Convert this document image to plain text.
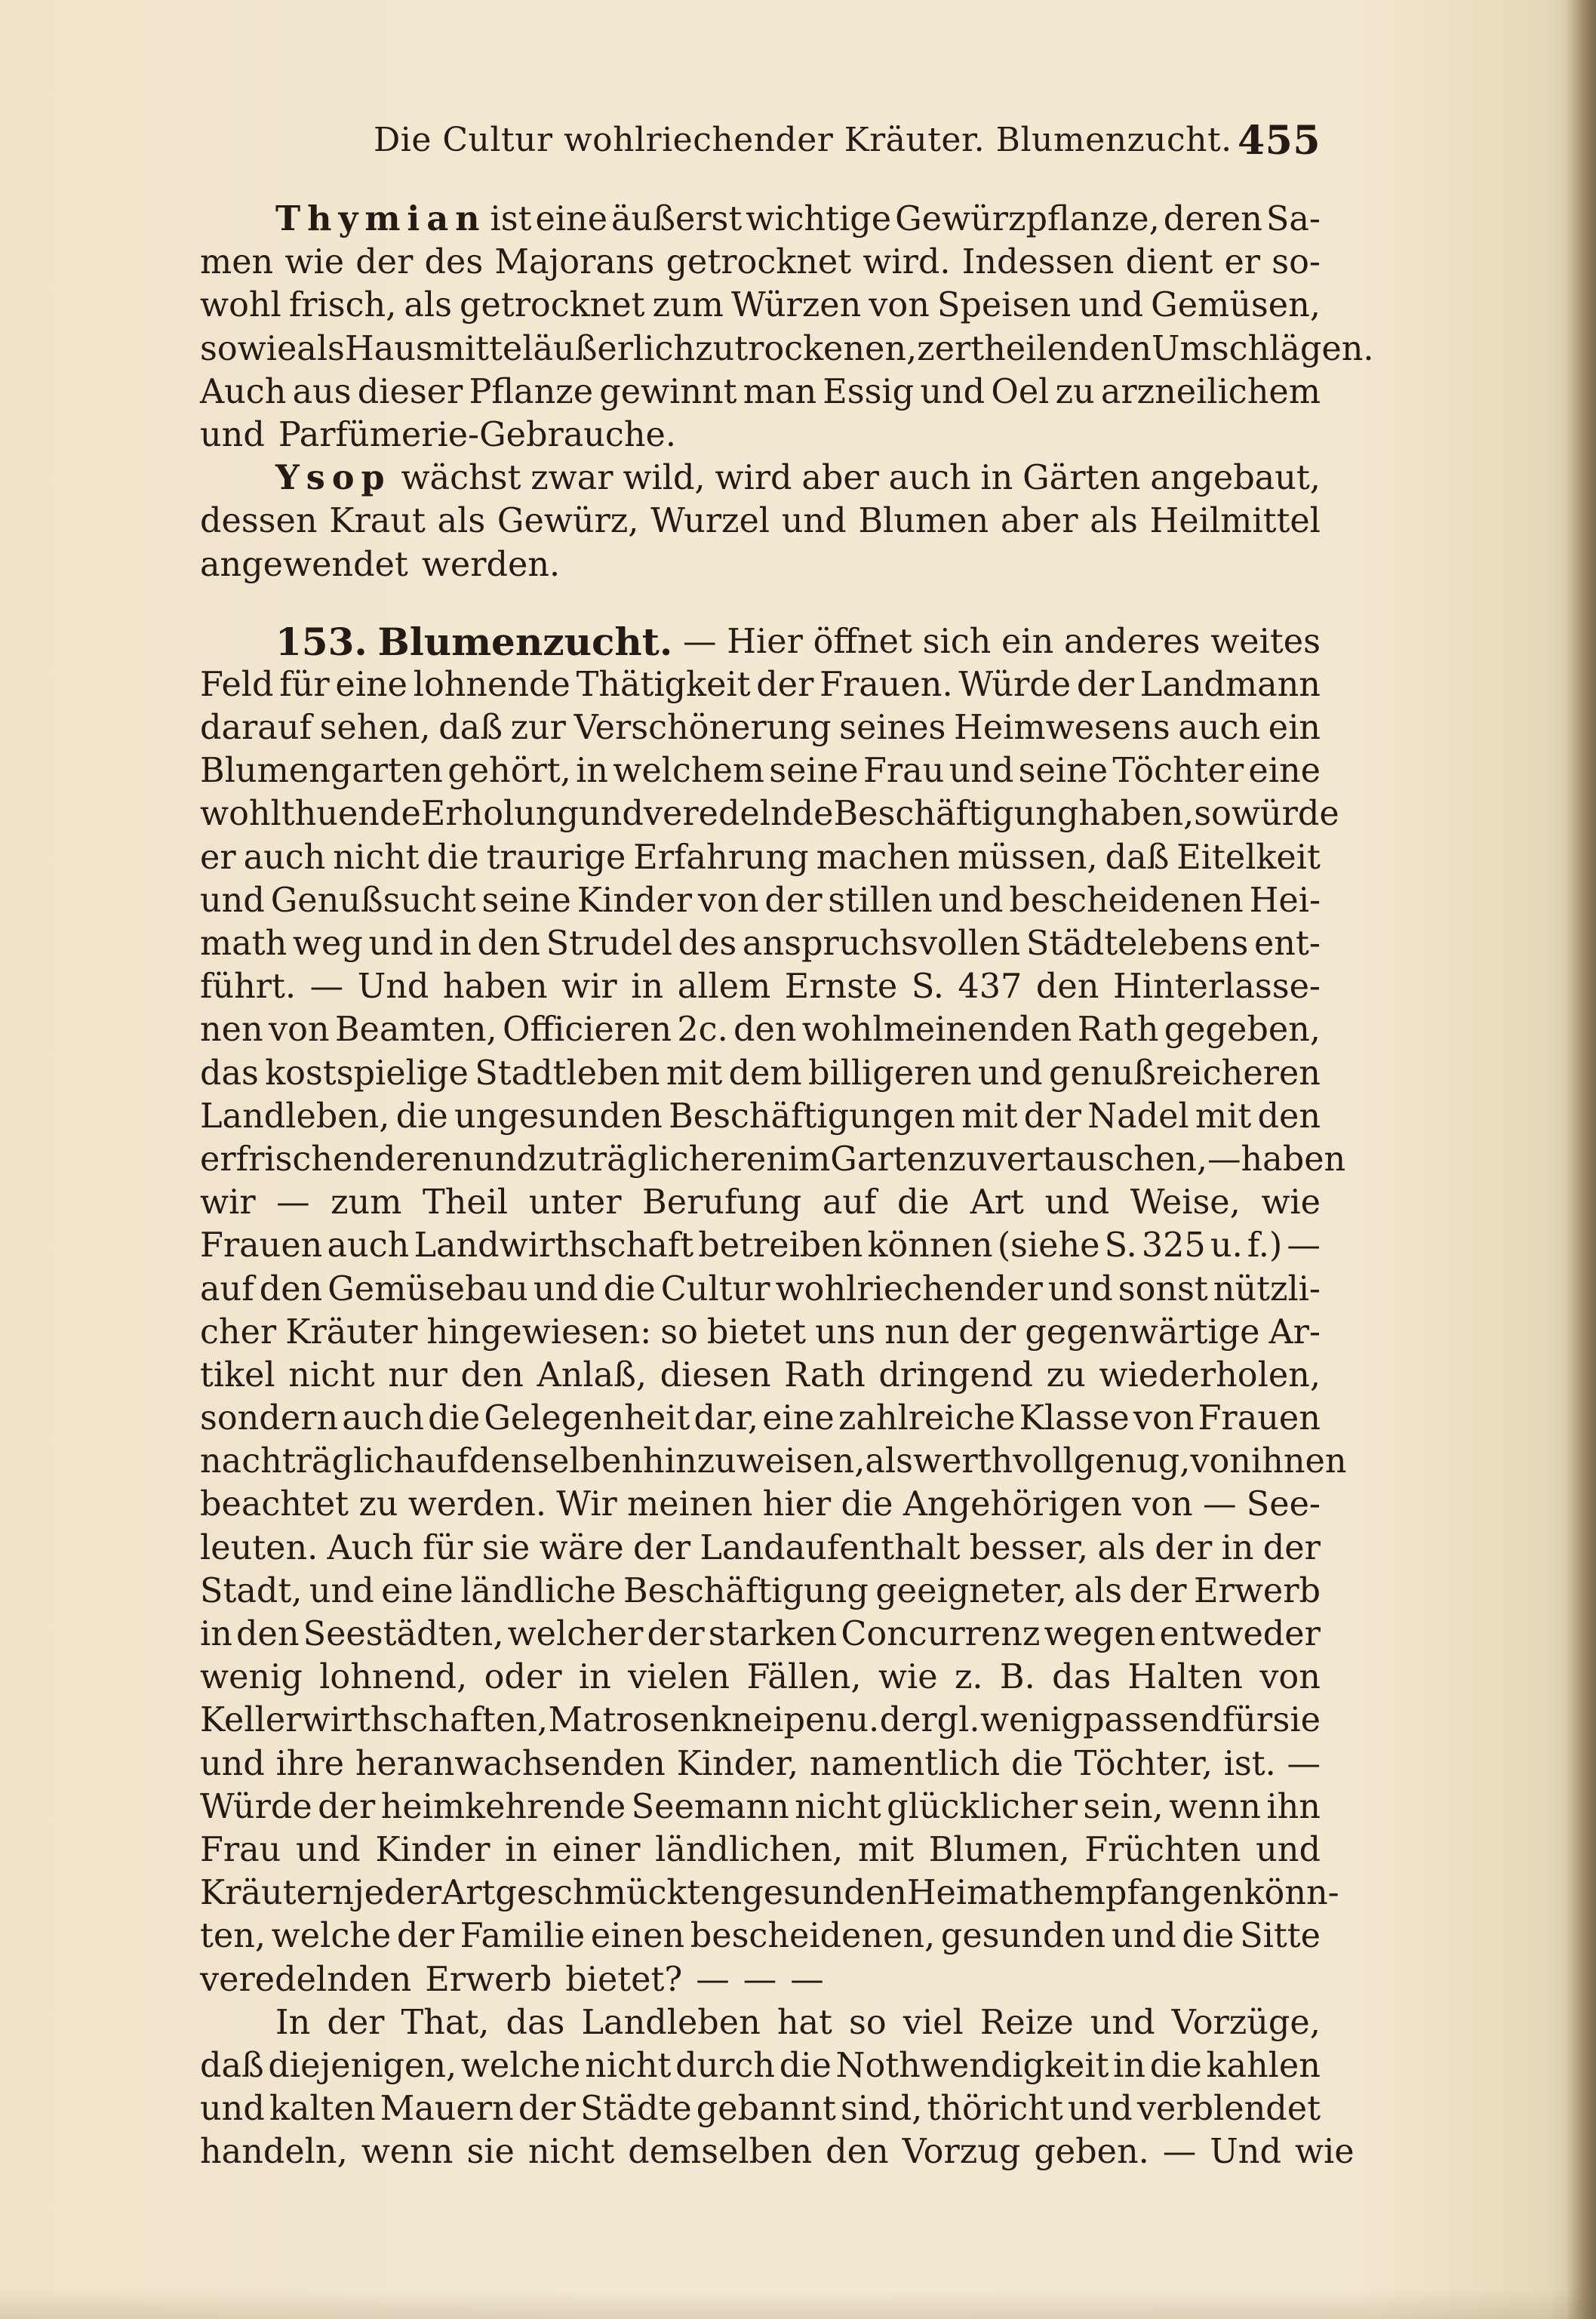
Die Cultur wohlriechender Kräuter. Blumenzucht. 455
Thymian ist eine äußerst wichtige Gewürzpflanze, deren Sa-
men wie der des Majorans getrocknet wird. Indessen dient er so-
wohl frisch, als getrocknet zum Würzen von Speisen und Gemüsen,
sowie als Hausmittel äußerlich zu trockenen, zertheilenden Umschlägen.
Auch aus dieser Pflanze gewinnt man Essig und Oel zu arzneilichem
und Parfümerie-Gebrauche.
Ysop wächst zwar wild, wird aber auch in Gärten angebaut,
dessen Kraut als Gewürz, Wurzel und Blumen aber als Heilmittel
angewendet werden.
153. Blumenzucht. — Hier öffnet sich ein anderes weites
Feld für eine lohnende Thätigkeit der Frauen. Würde der Landmann
darauf sehen, daß zur Verschönerung seines Heimwesens auch ein
Blumengarten gehört, in welchem seine Frau und seine Töchter eine
wohlthuende Erholung und veredelnde Beschäftigung haben, so würde
er auch nicht die traurige Erfahrung machen müssen, daß Eitelkeit
und Genußsucht seine Kinder von der stillen und bescheidenen Hei-
math weg und in den Strudel des anspruchsvollen Städtelebens ent-
führt. — Und haben wir in allem Ernste S. 437 den Hinterlasse-
nen von Beamten, Officieren 2c. den wohlmeinenden Rath gegeben,
das kostspielige Stadtleben mit dem billigeren und genußreicheren
Landleben, die ungesunden Beschäftigungen mit der Nadel mit den
erfrischenderen und zuträglicheren im Garten zu vertauschen, — haben
wir — zum Theil unter Berufung auf die Art und Weise, wie
Frauen auch Landwirthschaft betreiben können (siehe S. 325 u. f.) —
auf den Gemüsebau und die Cultur wohlriechender und sonst nützli-
cher Kräuter hingewiesen: so bietet uns nun der gegenwärtige Ar-
tikel nicht nur den Anlaß, diesen Rath dringend zu wiederholen,
sondern auch die Gelegenheit dar, eine zahlreiche Klasse von Frauen
nachträglich auf denselben hinzuweisen, als werthvoll genug, von ihnen
beachtet zu werden. Wir meinen hier die Angehörigen von — See-
leuten. Auch für sie wäre der Landaufenthalt besser, als der in der
Stadt, und eine ländliche Beschäftigung geeigneter, als der Erwerb
in den Seestädten, welcher der starken Concurrenz wegen entweder
wenig lohnend, oder in vielen Fällen, wie z. B. das Halten von
Kellerwirthschaften, Matrosenkneipen u. dergl. wenig passend für sie
und ihre heranwachsenden Kinder, namentlich die Töchter, ist. —
Würde der heimkehrende Seemann nicht glücklicher sein, wenn ihn
Frau und Kinder in einer ländlichen, mit Blumen, Früchten und
Kräutern jeder Art geschmückten gesunden Heimath empfangen könn-
ten, welche der Familie einen bescheidenen, gesunden und die Sitte
veredelnden Erwerb bietet? — — —
In der That, das Landleben hat so viel Reize und Vorzüge,
daß diejenigen, welche nicht durch die Nothwendigkeit in die kahlen
und kalten Mauern der Städte gebannt sind, thöricht und verblendet
handeln, wenn sie nicht demselben den Vorzug geben. — Und wie
